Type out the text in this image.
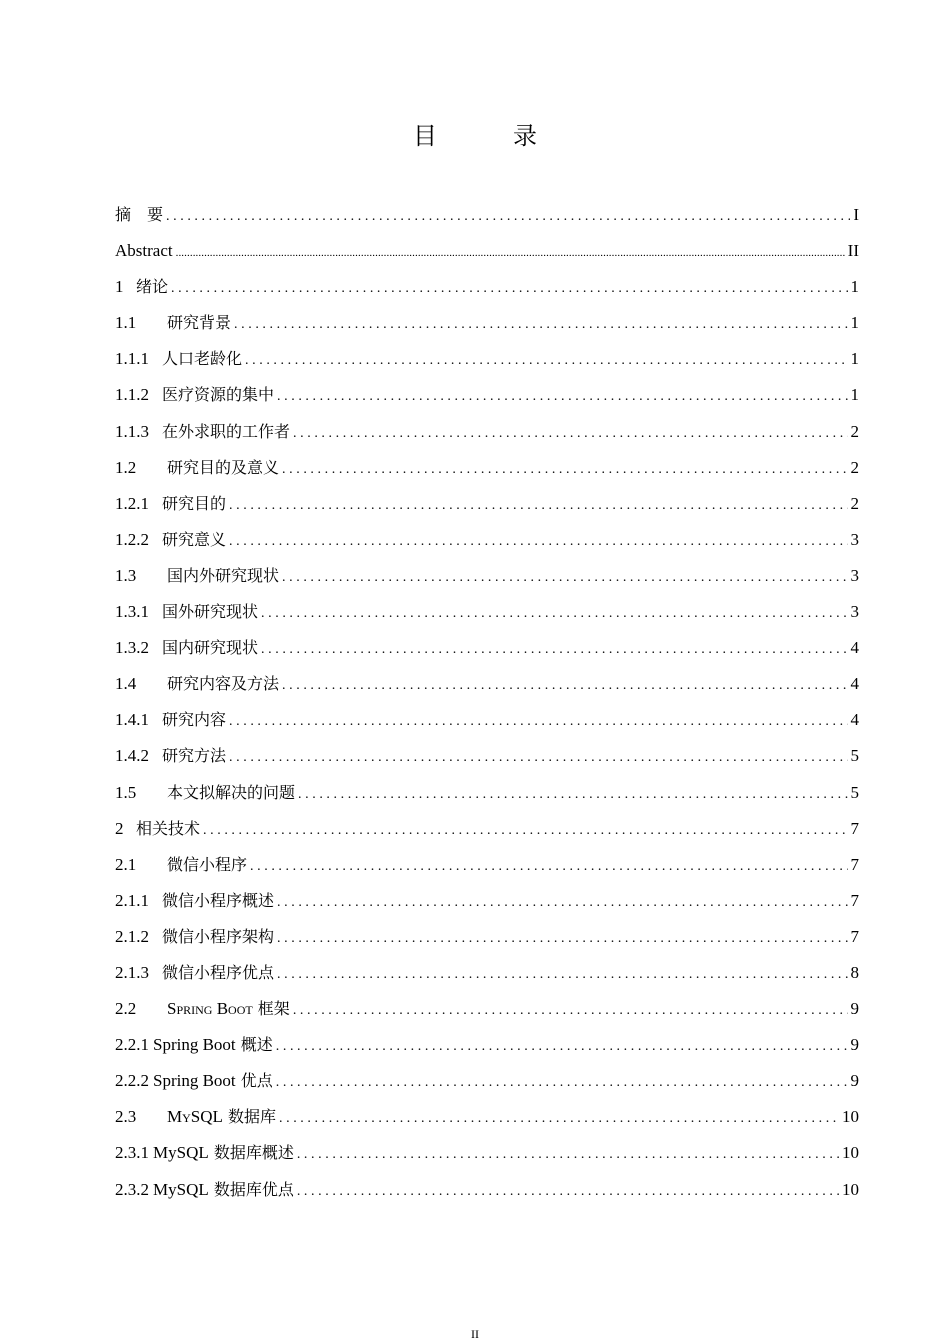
目　录
摘　要 .....	I
Abstract .....	II
1 绪论 .....	1
1.1	研究背景 .....	1
1.1.1 人口老龄化 .....	1
1.1.2 医疗资源的集中 .....	1
1.1.3 在外求职的工作者 .....	2
1.2	研究目的及意义 .....	2
1.2.1 研究目的 .....	2
1.2.2 研究意义 .....	3
1.3	国内外研究现状 .....	3
1.3.1 国外研究现状 .....	3
1.3.2 国内研究现状 .....	4
1.4	研究内容及方法 .....	4
1.4.1 研究内容 .....	4
1.4.2 研究方法 .....	5
1.5	本文拟解决的问题 .....	5
2 相关技术 .....	7
2.1	微信小程序 .....	7
2.1.1 微信小程序概述 .....	7
2.1.2 微信小程序架构 .....	7
2.1.3 微信小程序优点 .....	8
2.2	Spring Boot 框架 .....	9
2.2.1 Spring Boot 概述 .....	9
2.2.2 Spring Boot 优点 .....	9
2.3	MySQL 数据库 .....	10
2.3.1 MySQL 数据库概述 .....	10
2.3.2 MySQL 数据库优点 .....	10
II
